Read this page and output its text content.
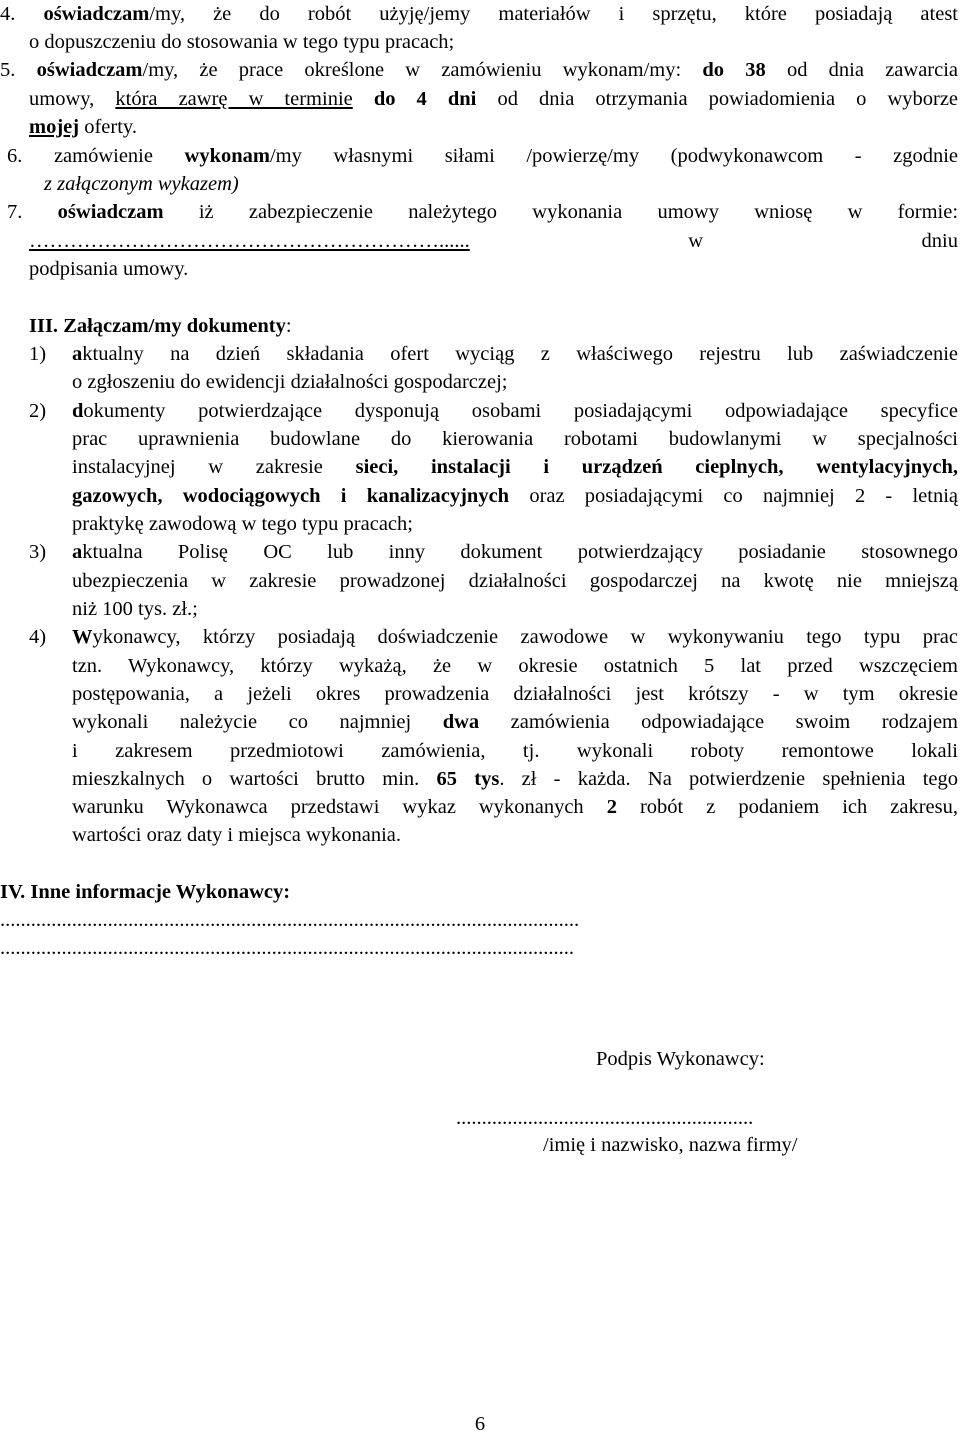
4. oświadczam/my, że do robót użyję/jemy materiałów i sprzętu, które posiadają atest
o dopuszczeniu do stosowania w tego typu pracach;
5. oświadczam/my, że prace określone w zamówieniu wykonam/my: do 38 od dnia zawarcia
umowy, która zawrę w terminie do 4 dni od dnia otrzymania powiadomienia o wyborze
mojej oferty.
6. zamówienie wykonam/my własnymi siłami /powierzę/my (podwykonawcom - zgodnie
z załączonym wykazem)
7. oświadczam iż zabezpieczenie należytego wykonania umowy wniosę w formie:
……………………………………………………......	w dniu
podpisania umowy.
III. Załączam/my dokumenty:
1) aktualny na dzień składania ofert wyciąg z właściwego rejestru lub zaświadczenie
o zgłoszeniu do ewidencji działalności gospodarczej;
2) dokumenty potwierdzające dysponują osobami posiadającymi odpowiadające specyfice
prac uprawnienia budowlane do kierowania robotami budowlanymi w specjalności
instalacyjnej w zakresie sieci, instalacji i urządzeń cieplnych, wentylacyjnych,
gazowych, wodociągowych i kanalizacyjnych oraz posiadającymi co najmniej 2 - letnią
praktykę zawodową w tego typu pracach;
3) aktualna Polisę OC lub inny dokument potwierdzający posiadanie stosownego
ubezpieczenia w zakresie prowadzonej działalności gospodarczej na kwotę nie mniejszą
niż 100 tys. zł.;
4) Wykonawcy, którzy posiadają doświadczenie zawodowe w wykonywaniu tego typu prac
tzn. Wykonawcy, którzy wykażą, że w okresie ostatnich 5 lat przed wszczęciem
postępowania, a jeżeli okres prowadzenia działalności jest krótszy - w tym okresie
wykonali należycie co najmniej dwa zamówienia odpowiadające swoim rodzajem
i zakresem przedmiotowi zamówienia, tj. wykonali roboty remontowe lokali
mieszkalnych o wartości brutto min. 65 tys. zł - każda. Na potwierdzenie spełnienia tego
warunku Wykonawca przedstawi wykaz wykonanych 2 robót z podaniem ich zakresu,
wartości oraz daty i miejsca wykonania.
IV. Inne informacje Wykonawcy:
.................................................................................................................
................................................................................................................
Podpis Wykonawcy:
..........................................................
/imię i nazwisko, nazwa firmy/
6
